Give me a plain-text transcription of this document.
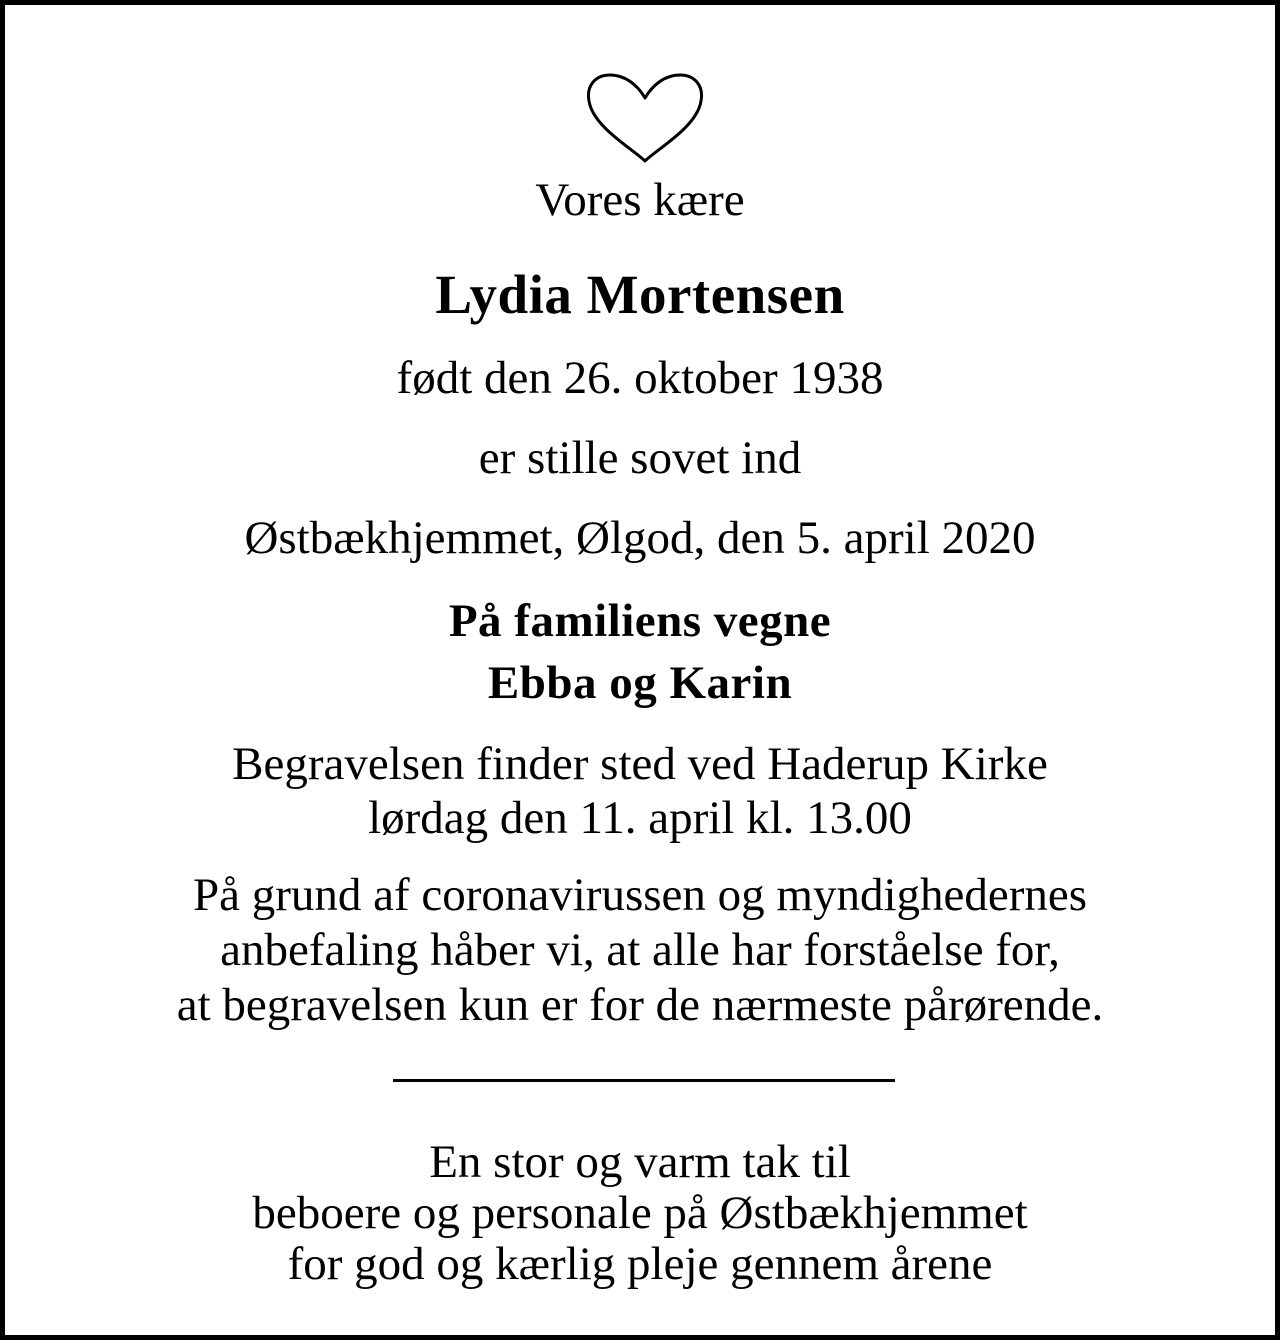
Vores kære
Lydia Mortensen
født den 26. oktober 1938
er stille sovet ind
Østbækhjemmet, Ølgod, den 5. april 2020
På familiens vegne
Ebba og Karin
Begravelsen finder sted ved Haderup Kirke
lørdag den 11. april kl. 13.00
På grund af coronavirussen og myndighedernes
anbefaling håber vi, at alle har forståelse for,
at begravelsen kun er for de nærmeste pårørende.
En stor og varm tak til
beboere og personale på Østbækhjemmet
for god og kærlig pleje gennem årene
